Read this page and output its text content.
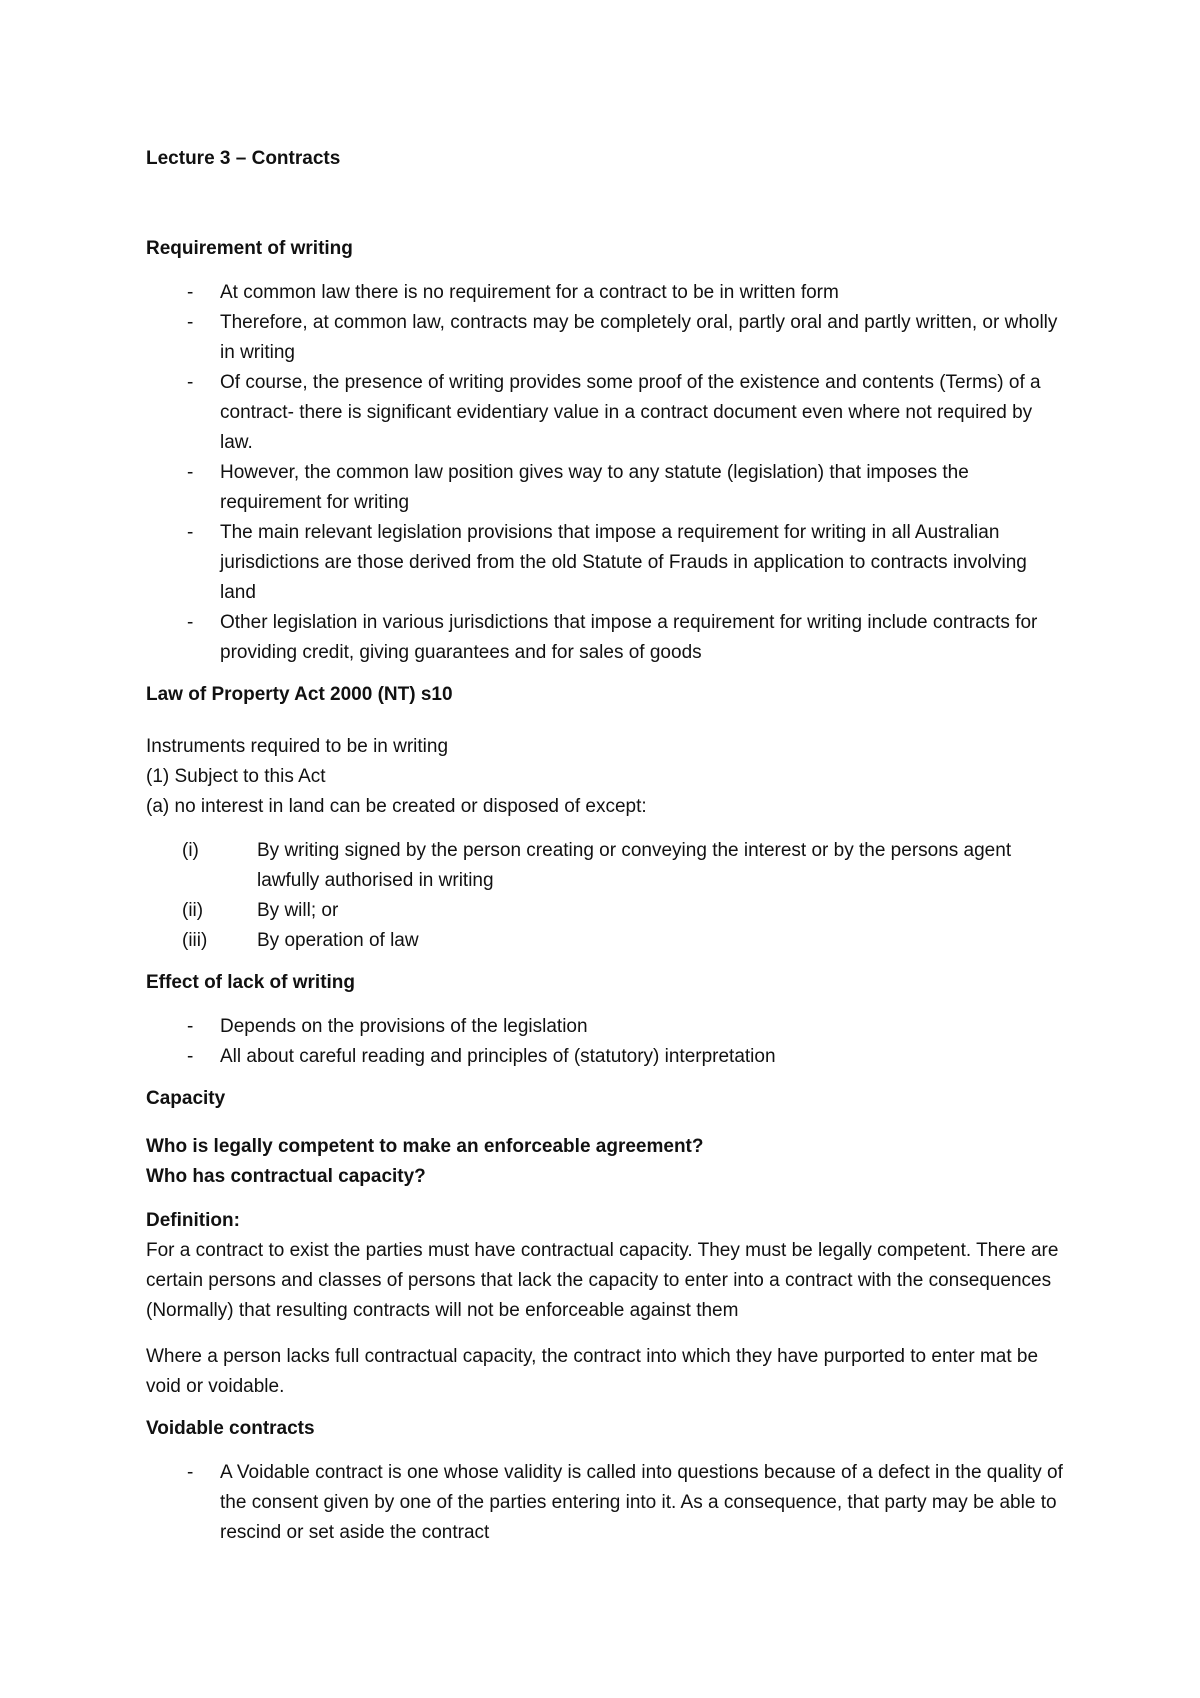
Lecture 3 – Contracts

Requirement of writing

- At common law there is no requirement for a contract to be in written form
- Therefore, at common law, contracts may be completely oral, partly oral and partly written, or wholly in writing
- Of course, the presence of writing provides some proof of the existence and contents (Terms) of a contract- there is significant evidentiary value in a contract document even where not required by law.
- However, the common law position gives way to any statute (legislation) that imposes the requirement for writing
- The main relevant legislation provisions that impose a requirement for writing in all Australian jurisdictions are those derived from the old Statute of Frauds in application to contracts involving land
- Other legislation in various jurisdictions that impose a requirement for writing include contracts for providing credit, giving guarantees and for sales of goods

Law of Property Act 2000 (NT) s10

Instruments required to be in writing

(1) Subject to this Act

(a) no interest in land can be created or disposed of except:

(i)	By writing signed by the person creating or conveying the interest or by the persons agent lawfully authorised in writing
(ii)	By will; or
(iii)	By operation of law

Effect of lack of writing

- Depends on the provisions of the legislation
- All about careful reading and principles of (statutory) interpretation

Capacity

Who is legally competent to make an enforceable agreement?

Who has contractual capacity?

Definition:

For a contract to exist the parties must have contractual capacity. They must be legally competent. There are certain persons and classes of persons that lack the capacity to enter into a contract with the consequences (Normally) that resulting contracts will not be enforceable against them

Where a person lacks full contractual capacity, the contract into which they have purported to enter mat be void or voidable.

Voidable contracts

- A Voidable contract is one whose validity is called into questions because of a defect in the quality of the consent given by one of the parties entering into it. As a consequence, that party may be able to rescind or set aside the contract
